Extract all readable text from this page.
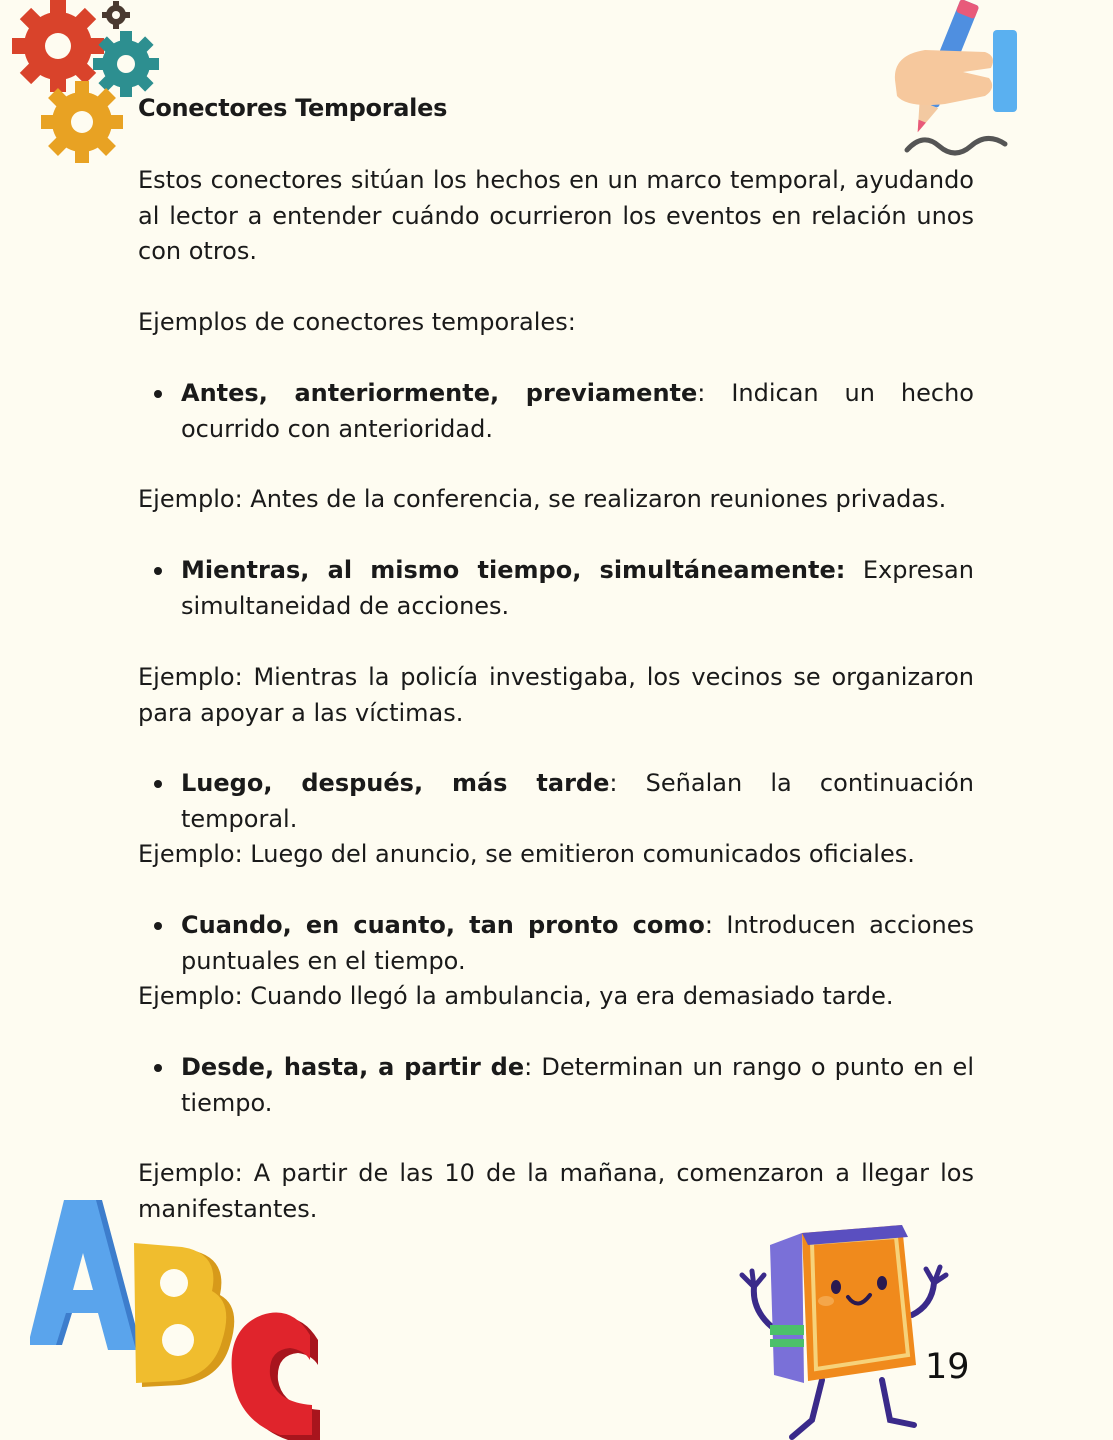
Conectores Temporales
Estos conectores sitúan los hechos en un marco temporal, ayudando al lector a entender cuándo ocurrieron los eventos en relación unos con otros.
Ejemplos de conectores temporales:
Antes, anteriormente, previamente: Indican un hecho ocurrido con anterioridad.
Ejemplo: Antes de la conferencia, se realizaron reuniones privadas.
Mientras, al mismo tiempo, simultáneamente: Expresan simultaneidad de acciones.
Ejemplo: Mientras la policía investigaba, los vecinos se organizaron para apoyar a las víctimas.
Luego, después, más tarde: Señalan la continuación temporal.
Ejemplo: Luego del anuncio, se emitieron comunicados oficiales.
Cuando, en cuanto, tan pronto como: Introducen acciones puntuales en el tiempo.
Ejemplo: Cuando llegó la ambulancia, ya era demasiado tarde.
Desde, hasta, a partir de: Determinan un rango o punto en el tiempo.
Ejemplo: A partir de las 10 de la mañana, comenzaron a llegar los manifestantes.
19
